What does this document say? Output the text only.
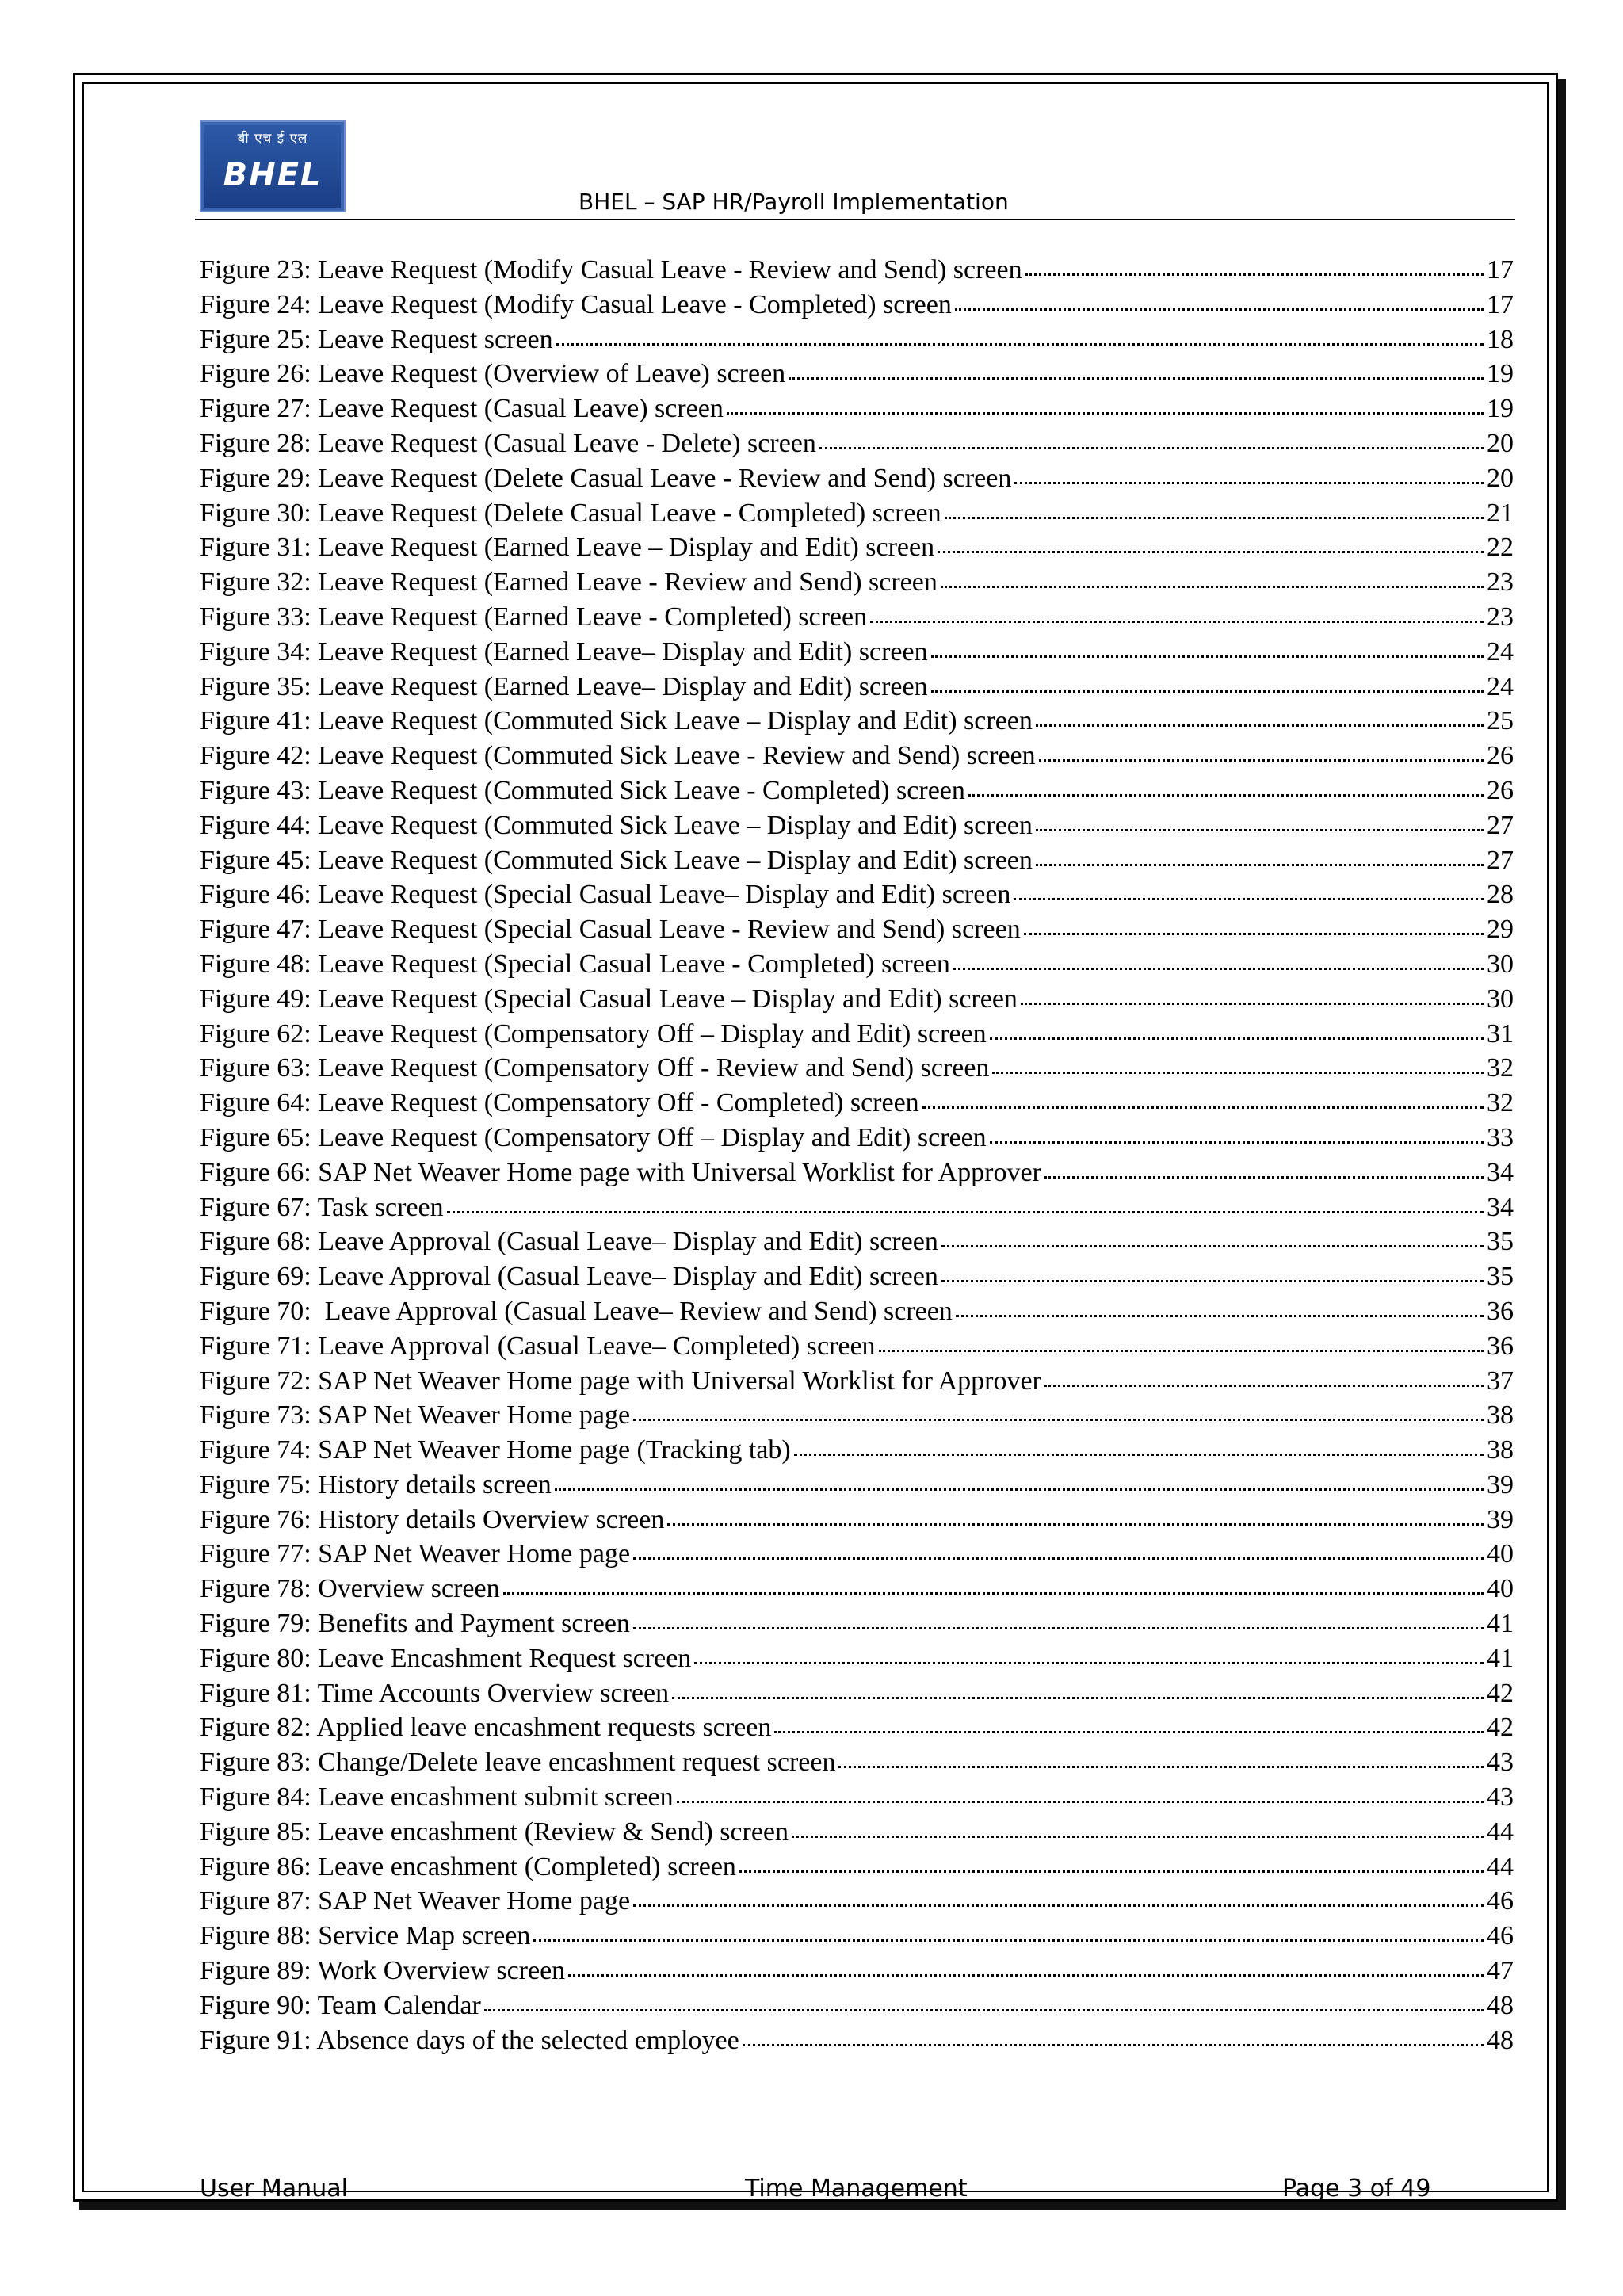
बी एच ई एल
BHEL
BHEL – SAP HR/Payroll Implementation
Figure 23: Leave Request (Modify Casual Leave - Review and Send) screen	17
Figure 24: Leave Request (Modify Casual Leave - Completed) screen	17
Figure 25: Leave Request screen	18
Figure 26: Leave Request (Overview of Leave) screen	19
Figure 27: Leave Request (Casual Leave) screen	19
Figure 28: Leave Request (Casual Leave - Delete) screen	20
Figure 29: Leave Request (Delete Casual Leave - Review and Send) screen	20
Figure 30: Leave Request (Delete Casual Leave - Completed) screen	21
Figure 31: Leave Request (Earned Leave – Display and Edit) screen	22
Figure 32: Leave Request (Earned Leave - Review and Send) screen	23
Figure 33: Leave Request (Earned Leave - Completed) screen	23
Figure 34: Leave Request (Earned Leave– Display and Edit) screen	24
Figure 35: Leave Request (Earned Leave– Display and Edit) screen	24
Figure 41: Leave Request (Commuted Sick Leave – Display and Edit) screen	25
Figure 42: Leave Request (Commuted Sick Leave - Review and Send) screen	26
Figure 43: Leave Request (Commuted Sick Leave - Completed) screen	26
Figure 44: Leave Request (Commuted Sick Leave – Display and Edit) screen	27
Figure 45: Leave Request (Commuted Sick Leave – Display and Edit) screen	27
Figure 46: Leave Request (Special Casual Leave– Display and Edit) screen	28
Figure 47: Leave Request (Special Casual Leave - Review and Send) screen	29
Figure 48: Leave Request (Special Casual Leave - Completed) screen	30
Figure 49: Leave Request (Special Casual Leave – Display and Edit) screen	30
Figure 62: Leave Request (Compensatory Off – Display and Edit) screen	31
Figure 63: Leave Request (Compensatory Off - Review and Send) screen	32
Figure 64: Leave Request (Compensatory Off - Completed) screen	32
Figure 65: Leave Request (Compensatory Off – Display and Edit) screen	33
Figure 66: SAP Net Weaver Home page with Universal Worklist for Approver	34
Figure 67: Task screen	34
Figure 68: Leave Approval (Casual Leave– Display and Edit) screen	35
Figure 69: Leave Approval (Casual Leave– Display and Edit) screen	35
Figure 70:  Leave Approval (Casual Leave– Review and Send) screen	36
Figure 71: Leave Approval (Casual Leave– Completed) screen	36
Figure 72: SAP Net Weaver Home page with Universal Worklist for Approver	37
Figure 73: SAP Net Weaver Home page	38
Figure 74: SAP Net Weaver Home page (Tracking tab)	38
Figure 75: History details screen	39
Figure 76: History details Overview screen	39
Figure 77: SAP Net Weaver Home page	40
Figure 78: Overview screen	40
Figure 79: Benefits and Payment screen	41
Figure 80: Leave Encashment Request screen	41
Figure 81: Time Accounts Overview screen	42
Figure 82: Applied leave encashment requests screen	42
Figure 83: Change/Delete leave encashment request screen	43
Figure 84: Leave encashment submit screen	43
Figure 85: Leave encashment (Review & Send) screen	44
Figure 86: Leave encashment (Completed) screen	44
Figure 87: SAP Net Weaver Home page	46
Figure 88: Service Map screen	46
Figure 89: Work Overview screen	47
Figure 90: Team Calendar	48
Figure 91: Absence days of the selected employee	48
User Manual	Time Management	Page 3 of 49
